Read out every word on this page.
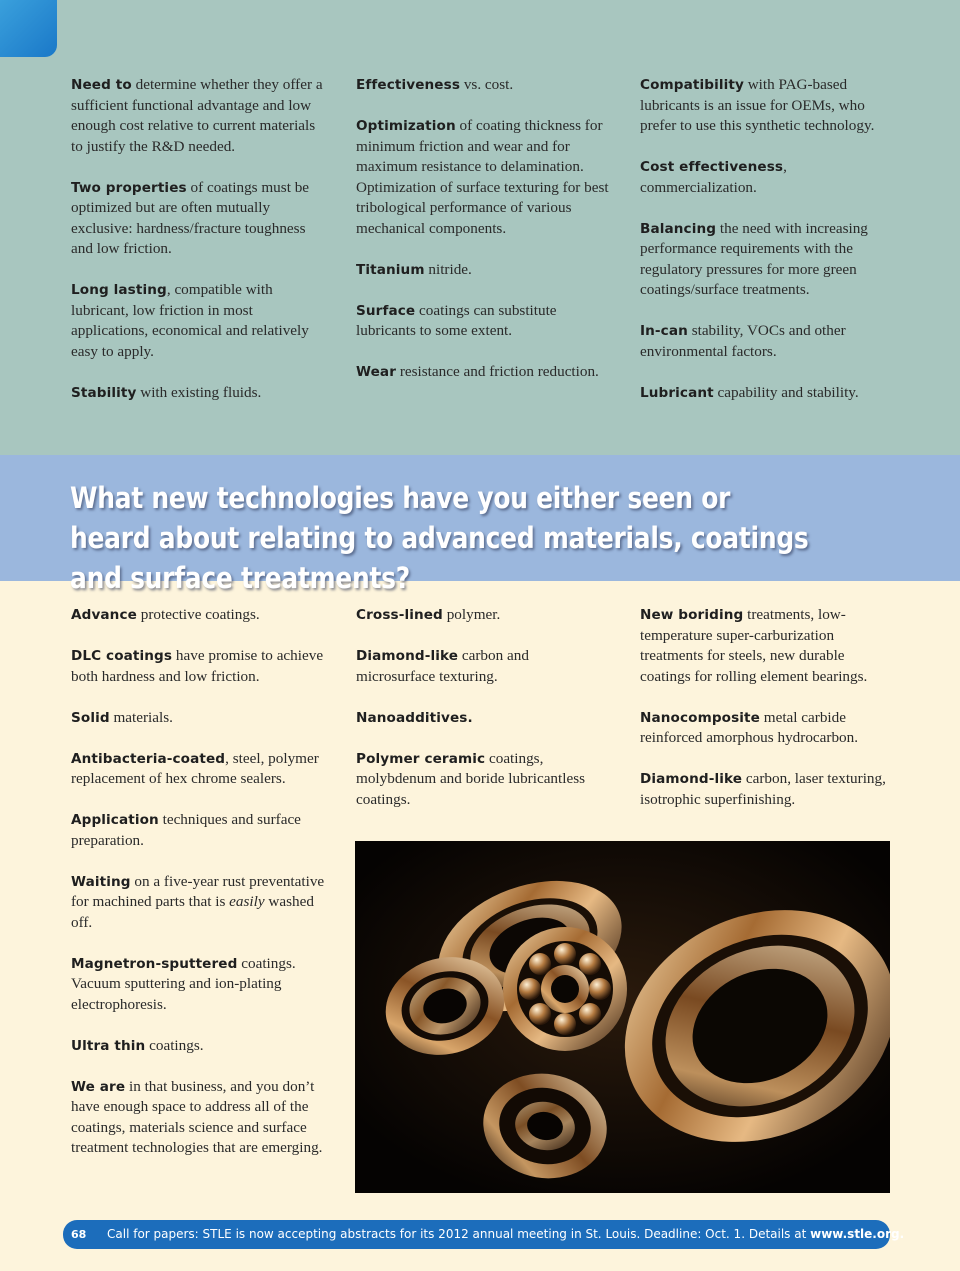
Need to determine whether they offer a sufficient functional advantage and low enough cost relative to current materials to justify the R&D needed.

Two properties of coatings must be optimized but are often mutually exclusive: hardness/fracture toughness and low friction.

Long lasting, compatible with lubricant, low friction in most applications, economical and relatively easy to apply.

Stability with existing fluids.

Effectiveness vs. cost.

Optimization of coating thickness for minimum friction and wear and for maximum resistance to delamination. Optimization of surface texturing for best tribological performance of various mechanical components.

Titanium nitride.

Surface coatings can substitute lubricants to some extent.

Wear resistance and friction reduction.

Compatibility with PAG-based lubricants is an issue for OEMs, who prefer to use this synthetic technology.

Cost effectiveness, commercialization.

Balancing the need with increasing performance requirements with the regulatory pressures for more green coatings/surface treatments.

In-can stability, VOCs and other environmental factors.

Lubricant capability and stability.

What new technologies have you either seen or heard about relating to advanced materials, coatings and surface treatments?

Advance protective coatings.

DLC coatings have promise to achieve both hardness and low friction.

Solid materials.

Antibacteria-coated, steel, polymer replacement of hex chrome sealers.

Application techniques and surface preparation.

Waiting on a five-year rust preventative for machined parts that is easily washed off.

Magnetron-sputtered coatings. Vacuum sputtering and ion-plating electrophoresis.

Ultra thin coatings.

We are in that business, and you don’t have enough space to address all of the coatings, materials science and surface treatment technologies that are emerging.

Cross-lined polymer.

Diamond-like carbon and microsurface texturing.

Nanoadditives.

Polymer ceramic coatings, molybdenum and boride lubricantless coatings.

New boriding treatments, low-temperature super-carburization treatments for steels, new durable coatings for rolling element bearings.

Nanocomposite metal carbide reinforced amorphous hydrocarbon.

Diamond-like carbon, laser texturing, isotrophic superfinishing.

68 Call for papers: STLE is now accepting abstracts for its 2012 annual meeting in St. Louis. Deadline: Oct. 1. Details at www.stle.org.
